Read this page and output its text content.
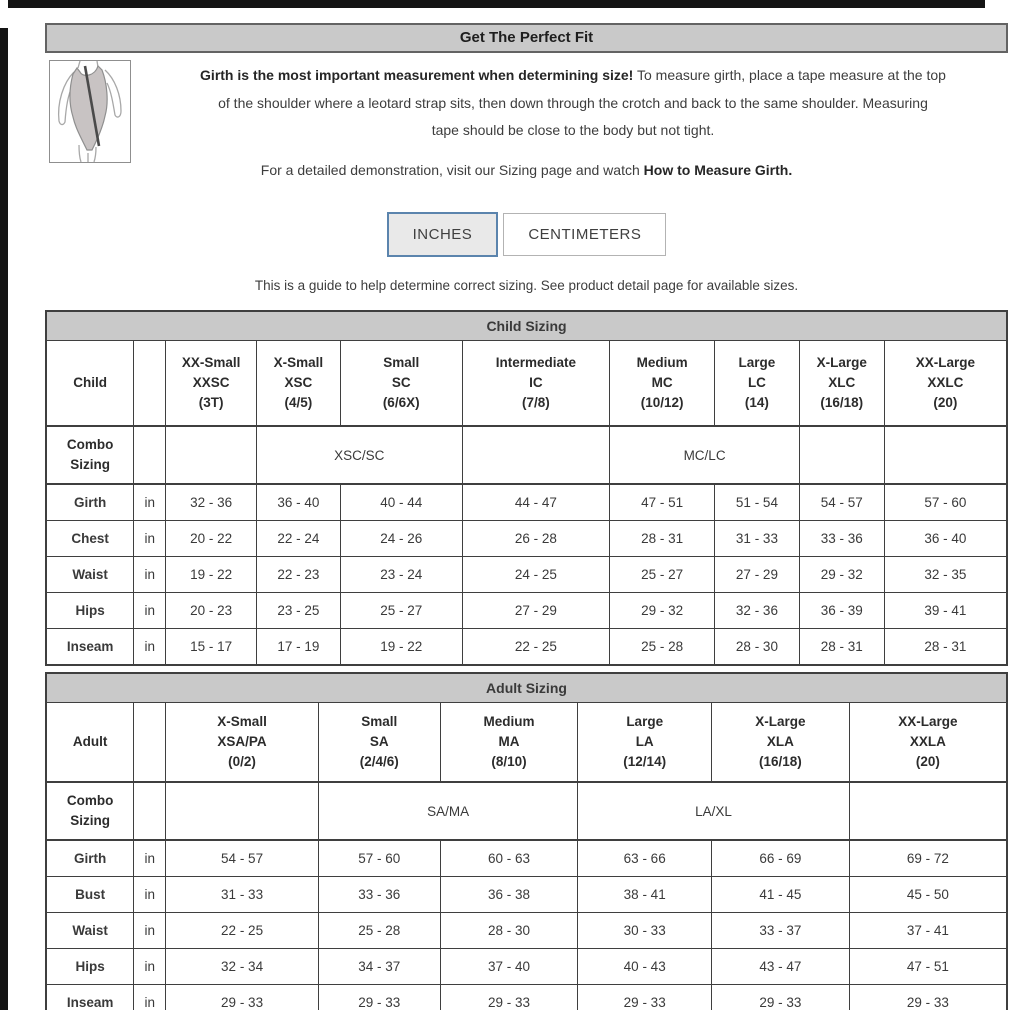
Get The Perfect Fit
Girth is the most important measurement when determining size! To measure girth, place a tape measure at the top
of the shoulder where a leotard strap sits, then down through the crotch and back to the same shoulder. Measuring
tape should be close to the body but not tight.
For a detailed demonstration, visit our Sizing page and watch How to Measure Girth.
INCHES	CENTIMETERS
This is a guide to help determine correct sizing. See product detail page for available sizes.
Child Sizing									
Child		XX-Small
XXSC
(3T)	X-Small
XSC
(4/5)	Small
SC
(6/6X)	Intermediate
IC
(7/8)	Medium
MC
(10/12)	Large
LC
(14)	X-Large
XLC
(16/18)	XX-Large
XXLC
(20)

Combo Sizing			XSC/SC			MC/LC			
Girth	in	32 - 36	36 - 40	40 - 44	44 - 47	47 - 51	51 - 54	54 - 57	57 - 60
Chest	in	20 - 22	22 - 24	24 - 26	26 - 28	28 - 31	31 - 33	33 - 36	36 - 40
Waist	in	19 - 22	22 - 23	23 - 24	24 - 25	25 - 27	27 - 29	29 - 32	32 - 35
Hips	in	20 - 23	23 - 25	25 - 27	27 - 29	29 - 32	32 - 36	36 - 39	39 - 41
Inseam	in	15 - 17	17 - 19	19 - 22	22 - 25	25 - 28	28 - 30	28 - 31	28 - 31
Adult Sizing							
Adult		X-Small
XSA/PA
(0/2)	Small
SA
(2/4/6)	Medium
MA
(8/10)	Large
LA
(12/14)	X-Large
XLA
(16/18)	XX-Large
XXLA
(20)

Combo Sizing			SA/MA		LA/XL		
Girth	in	54 - 57	57 - 60	60 - 63	63 - 66	66 - 69	69 - 72
Bust	in	31 - 33	33 - 36	36 - 38	38 - 41	41 - 45	45 - 50
Waist	in	22 - 25	25 - 28	28 - 30	30 - 33	33 - 37	37 - 41
Hips	in	32 - 34	34 - 37	37 - 40	40 - 43	43 - 47	47 - 51
Inseam	in	29 - 33	29 - 33	29 - 33	29 - 33	29 - 33	29 - 33
